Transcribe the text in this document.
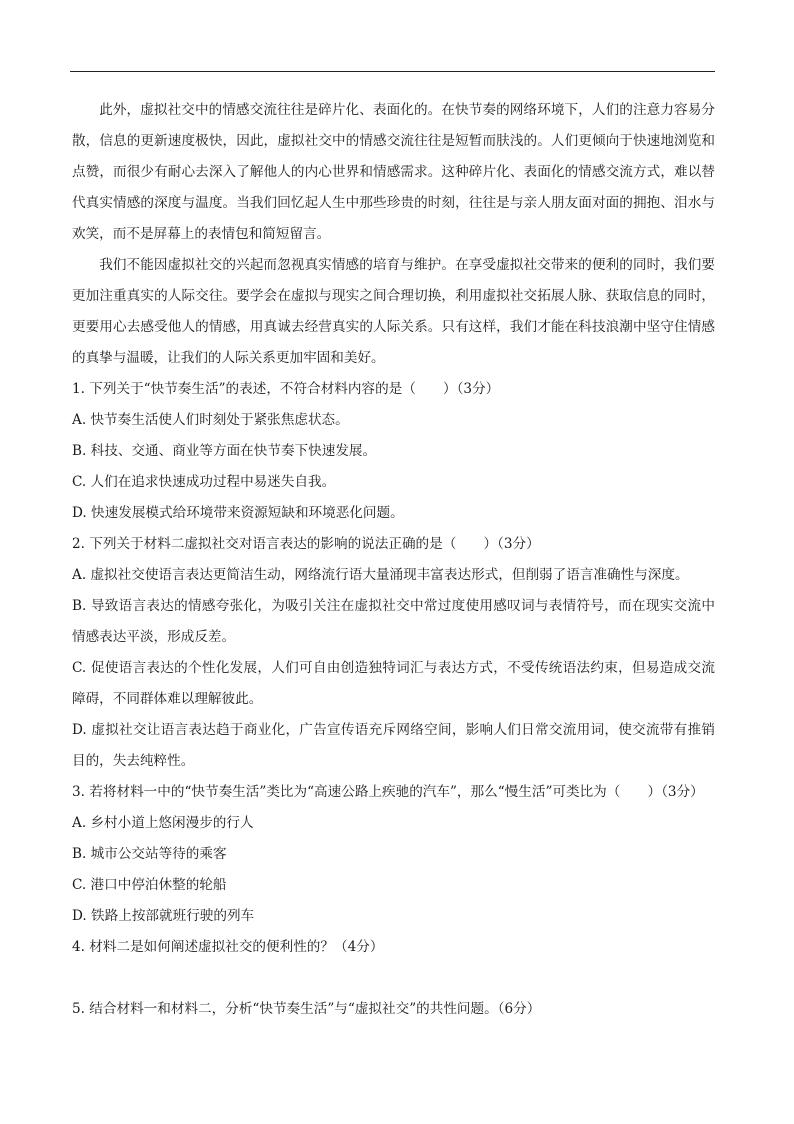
此外，虚拟社交中的情感交流往往是碎片化、表面化的。在快节奏的网络环境下，人们的注意力容易分散，信息的更新速度极快，因此，虚拟社交中的情感交流往往是短暂而肤浅的。人们更倾向于快速地浏览和点赞，而很少有耐心去深入了解他人的内心世界和情感需求。这种碎片化、表面化的情感交流方式，难以替代真实情感的深度与温度。当我们回忆起人生中那些珍贵的时刻，往往是与亲人朋友面对面的拥抱、泪水与欢笑，而不是屏幕上的表情包和简短留言。

我们不能因虚拟社交的兴起而忽视真实情感的培育与维护。在享受虚拟社交带来的便利的同时，我们要更加注重真实的人际交往。要学会在虚拟与现实之间合理切换，利用虚拟社交拓展人脉、获取信息的同时，更要用心去感受他人的情感，用真诚去经营真实的人际关系。只有这样，我们才能在科技浪潮中坚守住情感的真挚与温暖，让我们的人际关系更加牢固和美好。

1. 下列关于“快节奏生活”的表述，不符合材料内容的是（　　）（3分）

A. 快节奏生活使人们时刻处于紧张焦虑状态。

B. 科技、交通、商业等方面在快节奏下快速发展。

C. 人们在追求快速成功过程中易迷失自我。

D. 快速发展模式给环境带来资源短缺和环境恶化问题。

2. 下列关于材料二虚拟社交对语言表达的影响的说法正确的是（　　）（3分）

A. 虚拟社交使语言表达更简洁生动，网络流行语大量涌现丰富表达形式，但削弱了语言准确性与深度。

B. 导致语言表达的情感夸张化，为吸引关注在虚拟社交中常过度使用感叹词与表情符号，而在现实交流中情感表达平淡，形成反差。

C. 促使语言表达的个性化发展，人们可自由创造独特词汇与表达方式，不受传统语法约束，但易造成交流障碍，不同群体难以理解彼此。

D. 虚拟社交让语言表达趋于商业化，广告宣传语充斥网络空间，影响人们日常交流用词，使交流带有推销目的，失去纯粹性。

3. 若将材料一中的“快节奏生活”类比为“高速公路上疾驰的汽车”，那么“慢生活”可类比为（　　）（3分）

A. 乡村小道上悠闲漫步的行人

B. 城市公交站等待的乘客

C. 港口中停泊休整的轮船

D. 铁路上按部就班行驶的列车

4. 材料二是如何阐述虚拟社交的便利性的？（4分）

5. 结合材料一和材料二，分析“快节奏生活”与“虚拟社交”的共性问题。（6分）
